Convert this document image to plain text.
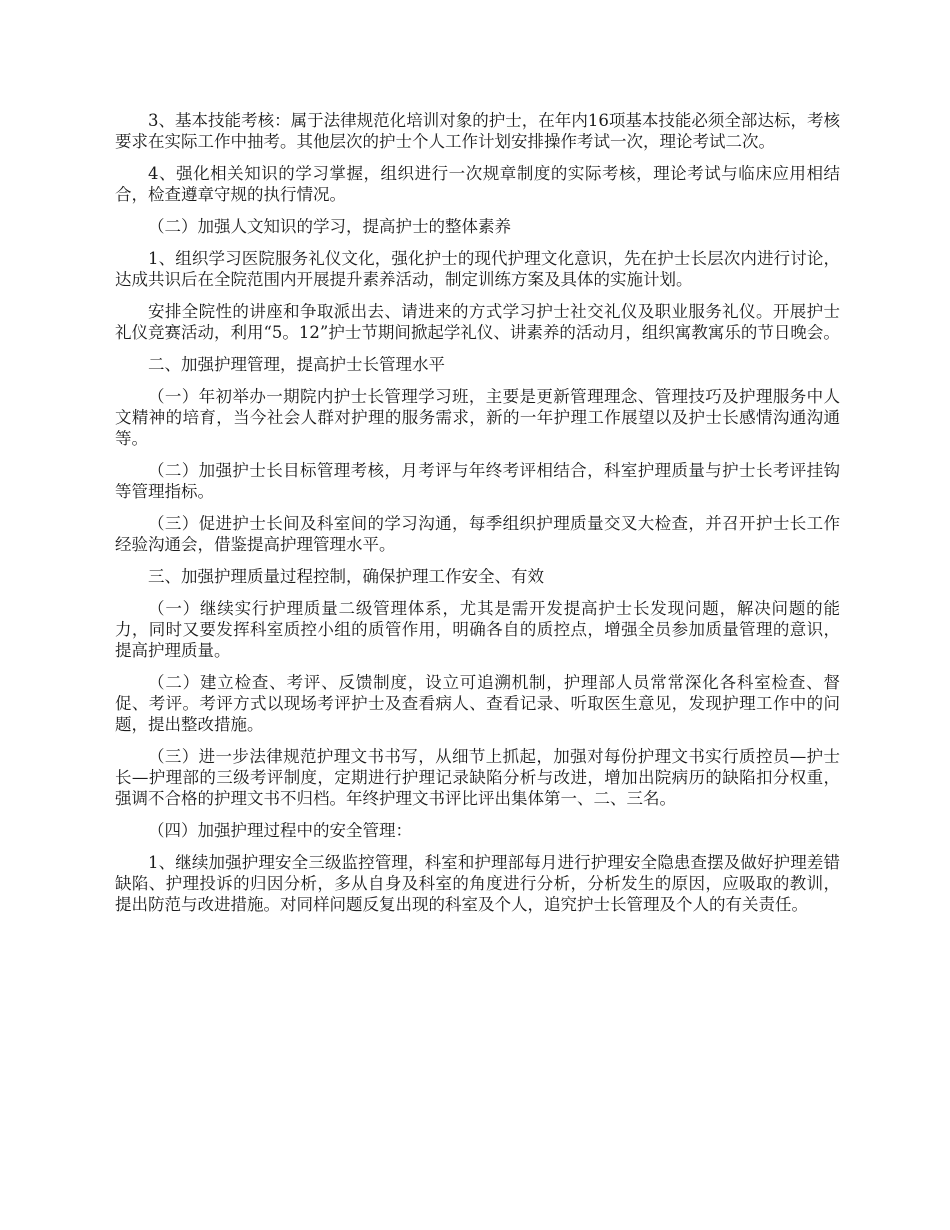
3、基本技能考核：属于法律规范化培训对象的护士，在年内16项基本技能必须全部达标，考核要求在实际工作中抽考。其他层次的护士个人工作计划安排操作考试一次，理论考试二次。

4、强化相关知识的学习掌握，组织进行一次规章制度的实际考核，理论考试与临床应用相结合，检查遵章守规的执行情况。

（二）加强人文知识的学习，提高护士的整体素养

1、组织学习医院服务礼仪文化，强化护士的现代护理文化意识，先在护士长层次内进行讨论，达成共识后在全院范围内开展提升素养活动，制定训练方案及具体的实施计划。

安排全院性的讲座和争取派出去、请进来的方式学习护士社交礼仪及职业服务礼仪。开展护士礼仪竞赛活动，利用“5。12”护士节期间掀起学礼仪、讲素养的活动月，组织寓教寓乐的节日晚会。

二、加强护理管理，提高护士长管理水平

（一）年初举办一期院内护士长管理学习班，主要是更新管理理念、管理技巧及护理服务中人文精神的培育，当今社会人群对护理的服务需求，新的一年护理工作展望以及护士长感情沟通沟通等。

（二）加强护士长目标管理考核，月考评与年终考评相结合，科室护理质量与护士长考评挂钩等管理指标。

（三）促进护士长间及科室间的学习沟通，每季组织护理质量交叉大检查，并召开护士长工作经验沟通会，借鉴提高护理管理水平。

三、加强护理质量过程控制，确保护理工作安全、有效

（一）继续实行护理质量二级管理体系，尤其是需开发提高护士长发现问题，解决问题的能力，同时又要发挥科室质控小组的质管作用，明确各自的质控点，增强全员参加质量管理的意识，提高护理质量。

（二）建立检查、考评、反馈制度，设立可追溯机制，护理部人员常常深化各科室检查、督促、考评。考评方式以现场考评护士及查看病人、查看记录、听取医生意见，发现护理工作中的问题，提出整改措施。

（三）进一步法律规范护理文书书写，从细节上抓起，加强对每份护理文书实行质控员—护士长—护理部的三级考评制度，定期进行护理记录缺陷分析与改进，增加出院病历的缺陷扣分权重，强调不合格的护理文书不归档。年终护理文书评比评出集体第一、二、三名。

（四）加强护理过程中的安全管理：

1、继续加强护理安全三级监控管理，科室和护理部每月进行护理安全隐患查摆及做好护理差错缺陷、护理投诉的归因分析，多从自身及科室的角度进行分析，分析发生的原因，应吸取的教训，提出防范与改进措施。对同样问题反复出现的科室及个人，追究护士长管理及个人的有关责任。
